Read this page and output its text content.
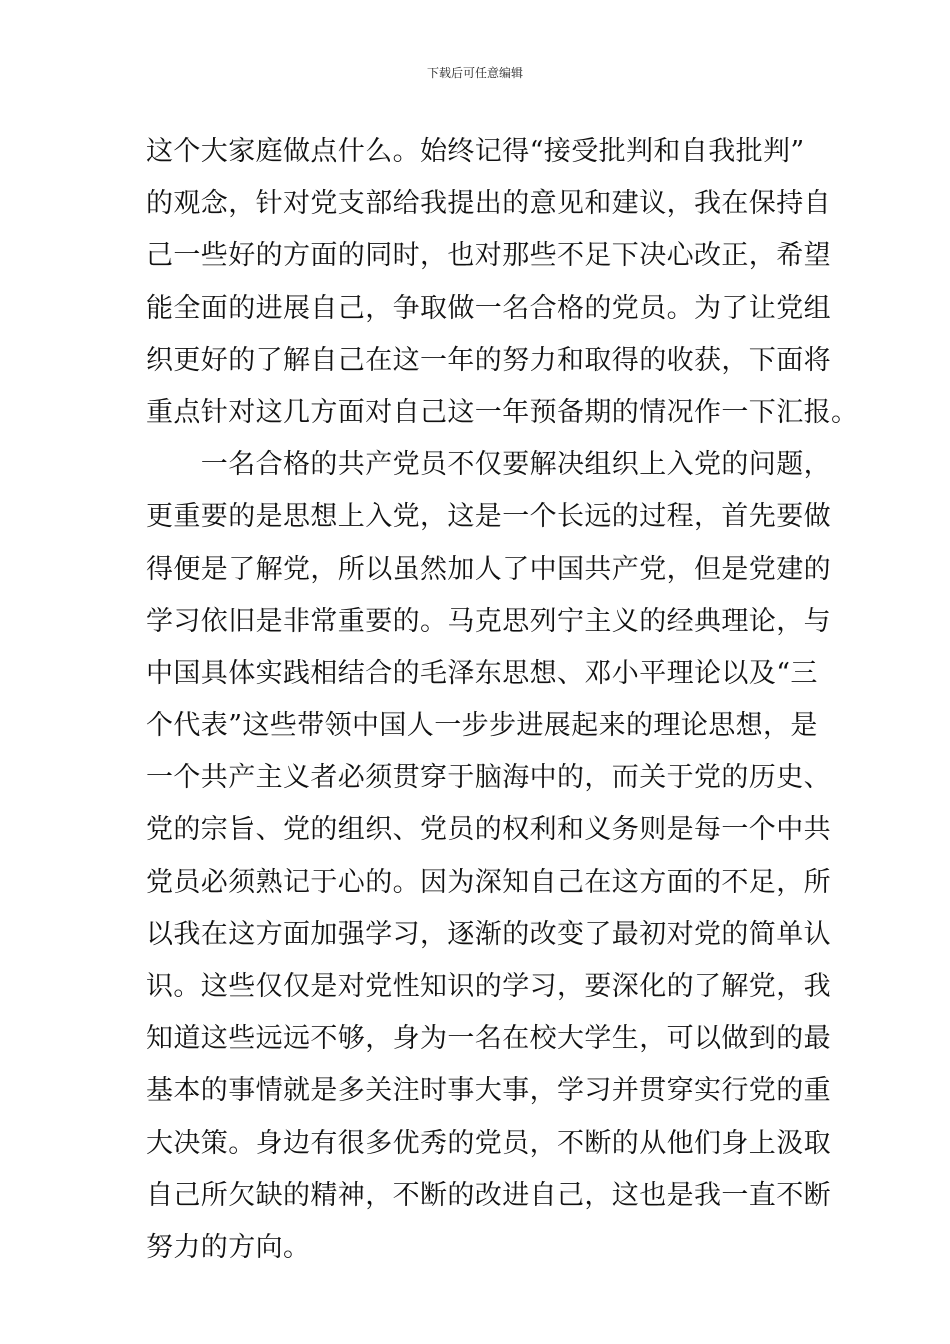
下载后可任意编辑
这个大家庭做点什么。始终记得“接受批判和自我批判”
的观念，针对党支部给我提出的意见和建议，我在保持自
己一些好的方面的同时，也对那些不足下决心改正，希望
能全面的进展自己，争取做一名合格的党员。为了让党组
织更好的了解自己在这一年的努力和取得的收获，下面将
重点针对这几方面对自己这一年预备期的情况作一下汇报。
　　一名合格的共产党员不仅要解决组织上入党的问题，
更重要的是思想上入党，这是一个长远的过程，首先要做
得便是了解党，所以虽然加人了中国共产党，但是党建的
学习依旧是非常重要的。马克思列宁主义的经典理论，与
中国具体实践相结合的毛泽东思想、邓小平理论以及“三
个代表”这些带领中国人一步步进展起来的理论思想，是
一个共产主义者必须贯穿于脑海中的，而关于党的历史、
党的宗旨、党的组织、党员的权利和义务则是每一个中共
党员必须熟记于心的。因为深知自己在这方面的不足，所
以我在这方面加强学习，逐渐的改变了最初对党的简单认
识。这些仅仅是对党性知识的学习，要深化的了解党，我
知道这些远远不够，身为一名在校大学生，可以做到的最
基本的事情就是多关注时事大事，学习并贯穿实行党的重
大决策。身边有很多优秀的党员，不断的从他们身上汲取
自己所欠缺的精神，不断的改进自己，这也是我一直不断
努力的方向。
